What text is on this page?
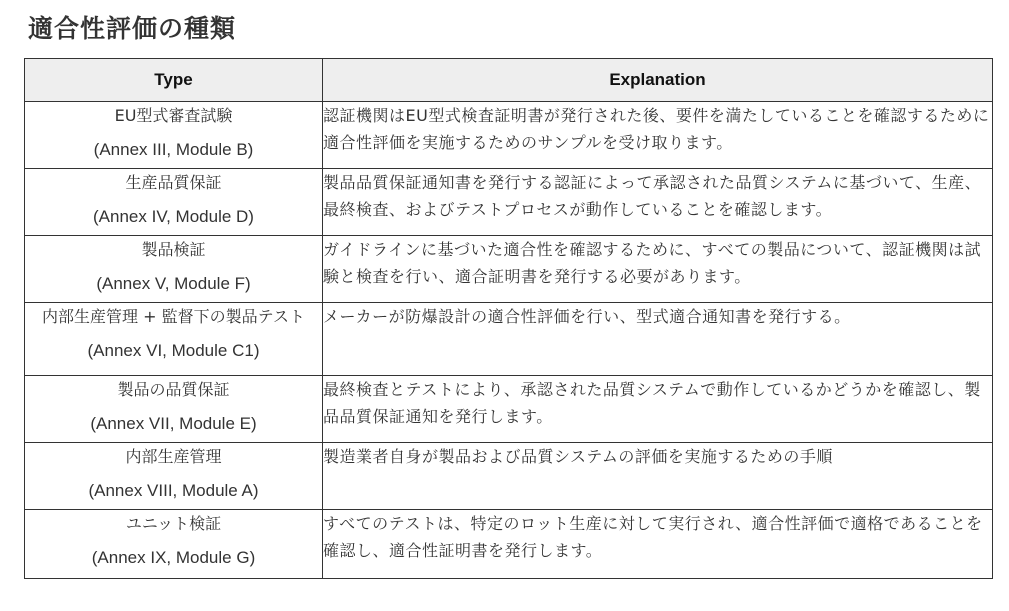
適合性評価の種類
Type	Explanation

EU型式審査試験
(Annex III, Module B)	認証機関はEU型式検査証明書が発行された後、要件を満たしていることを確認するために適合性評価を実施するためのサンプルを受け取ります。

生産品質保証
(Annex IV, Module D)	製品品質保証通知書を発行する認証によって承認された品質システムに基づいて、生産、最終検査、およびテストプロセスが動作していることを確認します。

製品検証
(Annex V, Module F)	ガイドラインに基づいた適合性を確認するために、すべての製品について、認証機関は試験と検査を行い、適合証明書を発行する必要があります。

内部生産管理 + 監督下の製品テスト
(Annex VI, Module C1)	メーカーが防爆設計の適合性評価を行い、型式適合通知書を発行する。

製品の品質保証
(Annex VII, Module E)	最終検査とテストにより、承認された品質システムで動作しているかどうかを確認し、製品品質保証通知を発行します。

内部生産管理
(Annex VIII, Module A)	製造業者自身が製品および品質システムの評価を実施するための手順

ユニット検証
(Annex IX, Module G)	すべてのテストは、特定のロット生産に対して実行され、適合性評価で適格であることを確認し、適合性証明書を発行します。
